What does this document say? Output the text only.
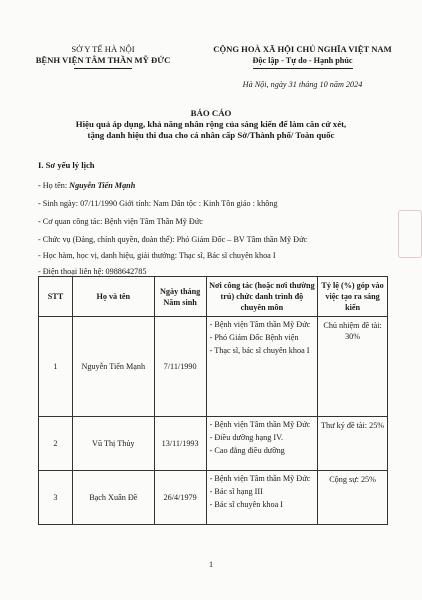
SỞ Y TẾ HÀ NỘI
BỆNH VIỆN TÂM THẦN MỸ ĐỨC
CỘNG HOÀ XÃ HỘI CHỦ NGHĨA VIỆT NAM
Độc lập - Tự do - Hạnh phúc
Hà Nội, ngày 31 tháng 10 năm 2024
BÁO CÁO
Hiệu quả áp dụng, khả năng nhân rộng của sáng kiến để làm căn cứ xét,
tặng danh hiệu thi đua cho cá nhân cấp Sở/Thành phố/ Toàn quốc
I. Sơ yếu lý lịch
- Họ tên: Nguyễn Tiến Mạnh
- Sinh ngày: 07/11/1990 Giới tính: Nam Dân tộc : Kinh Tôn giáo : không
- Cơ quan công tác: Bệnh viện Tâm Thần Mỹ Đức
- Chức vụ (Đảng, chính quyền, đoàn thể): Phó Giám Đốc – BV Tâm thần Mỹ Đức
- Học hàm, học vị, danh hiệu, giải thưởng: Thạc sĩ, Bác sĩ chuyên khoa I
- Điện thoại liên hệ: 0988642785
STT	Họ và tên	Ngày tháng Năm sinh	Nơi công tác (hoặc nơi thường trú) chức danh trình độ chuyên môn	Tỷ lệ (%) góp vào việc tạo ra sáng kiến
1	Nguyễn Tiến Mạnh	7/11/1990	- Bệnh viện Tâm thần Mỹ Đức
- Phó Giám Đốc Bệnh viện
- Thạc sĩ, bác sĩ chuyên khoa I	Chủ nhiệm đề tài: 30%
2	Vũ Thị Thủy	13/11/1993	- Bệnh viện Tâm thần Mỹ Đức
- Điều dưỡng hạng IV.
- Cao đẳng điều dưỡng	Thư ký đề tài: 25%
3	Bạch Xuân Đề	26/4/1979	- Bệnh viện Tâm thần Mỹ Đức
- Bác sĩ hạng III
- Bác sĩ chuyên khoa I	Cộng sự: 25%
1
